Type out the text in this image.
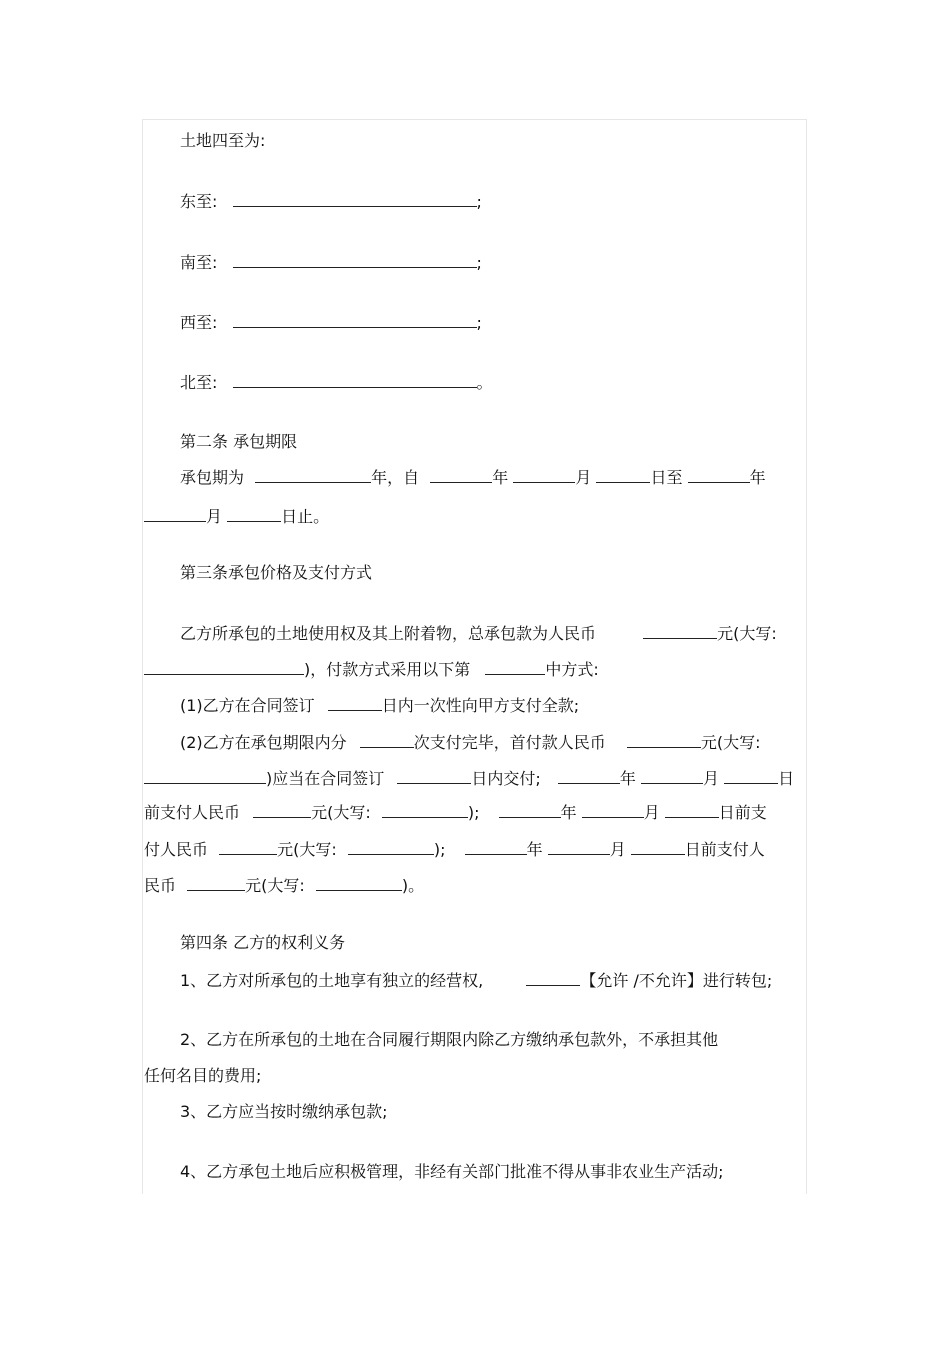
土地四至为:
东至:	;
南至:	;
西至:	;
北至:	。
第二条 承包期限
承包期为	年，自	年	月	日至	年
月	日止。
第三条承包价格及支付方式
乙方所承包的土地使用权及其上附着物，总承包款为人民币	元(大写:
)，付款方式采用以下第	中方式:
(1)乙方在合同签订	日内一次性向甲方支付全款;
(2)乙方在承包期限内分	次支付完毕，首付款人民币	元(大写:
)应当在合同签订	日内交付;	年	月	日
前支付人民币	元(大写:	);	年	月	日前支
付人民币	元(大写:	);	年	月	日前支付人
民币	元(大写:	)。
第四条 乙方的权利义务
1、乙方对所承包的土地享有独立的经营权,	【允许 /不允许】进行转包;
2、乙方在所承包的土地在合同履行期限内除乙方缴纳承包款外，不承担其他
任何名目的费用;
3、乙方应当按时缴纳承包款;
4、乙方承包土地后应积极管理，非经有关部门批准不得从事非农业生产活动;
